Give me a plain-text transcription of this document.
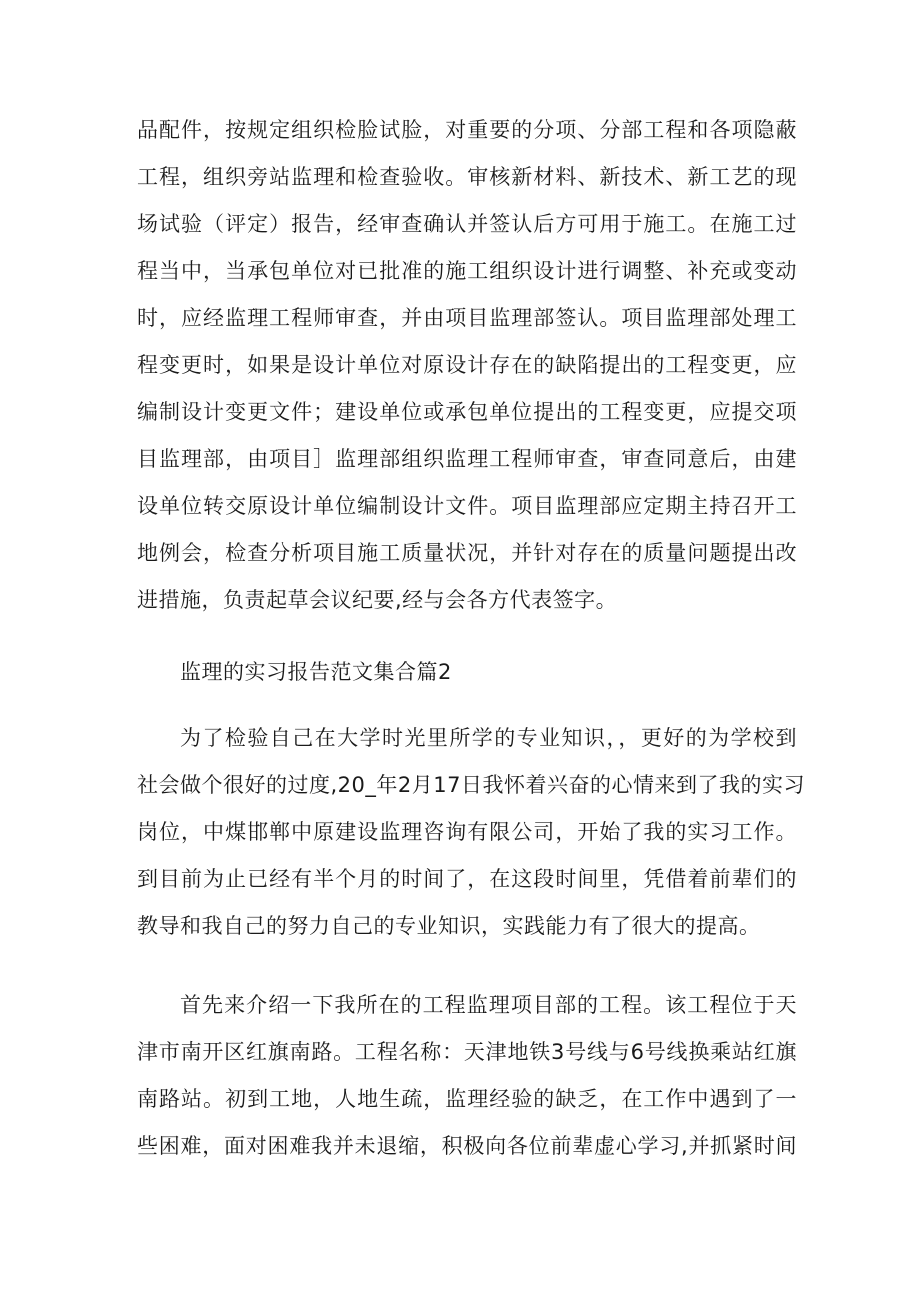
品配件，按规定组织检脸试脸，对重要的分项、分部工程和各项隐蔽
工程，组织旁站监理和检查验收。审核新材料、新技术、新工艺的现
场试验（评定）报告，经审查确认并签认后方可用于施工。在施工过
程当中，当承包单位对已批准的施工组织设计进行调整、补充或变动
时，应经监理工程师审查，并由项目监理部签认。项目监理部处理工
程变更时，如果是设计单位对原设计存在的缺陷提出的工程变更，应
编制设计变更文件；建设单位或承包单位提出的工程变更，应提交项
目监理部，由项目］监理部组织监理工程师审查，审查同意后，由建
设单位转交原设计单位编制设计文件。项目监理部应定期主持召开工
地例会，检查分析项目施工质量状况，并针对存在的质量问题提出改
进措施，负责起草会议纪要,经与会各方代表签字。
监理的实习报告范文集合篇2
为了检验自己在大学时光里所学的专业知识，，更好的为学校到
社会做个很好的过度,20_年2月17日我怀着兴奋的心情来到了我的实习
岗位，中煤邯郸中原建设监理咨询有限公司，开始了我的实习工作。
到目前为止已经有半个月的时间了，在这段时间里，凭借着前辈们的
教导和我自己的努力自己的专业知识，实践能力有了很大的提高。
首先来介绍一下我所在的工程监理项目部的工程。该工程位于天
津市南开区红旗南路。工程名称：天津地铁3号线与6号线换乘站红旗
南路站。初到工地，人地生疏，监理经验的缺乏，在工作中遇到了一
些困难，面对困难我并未退缩，积极向各位前辈虚心学习,并抓紧时间
